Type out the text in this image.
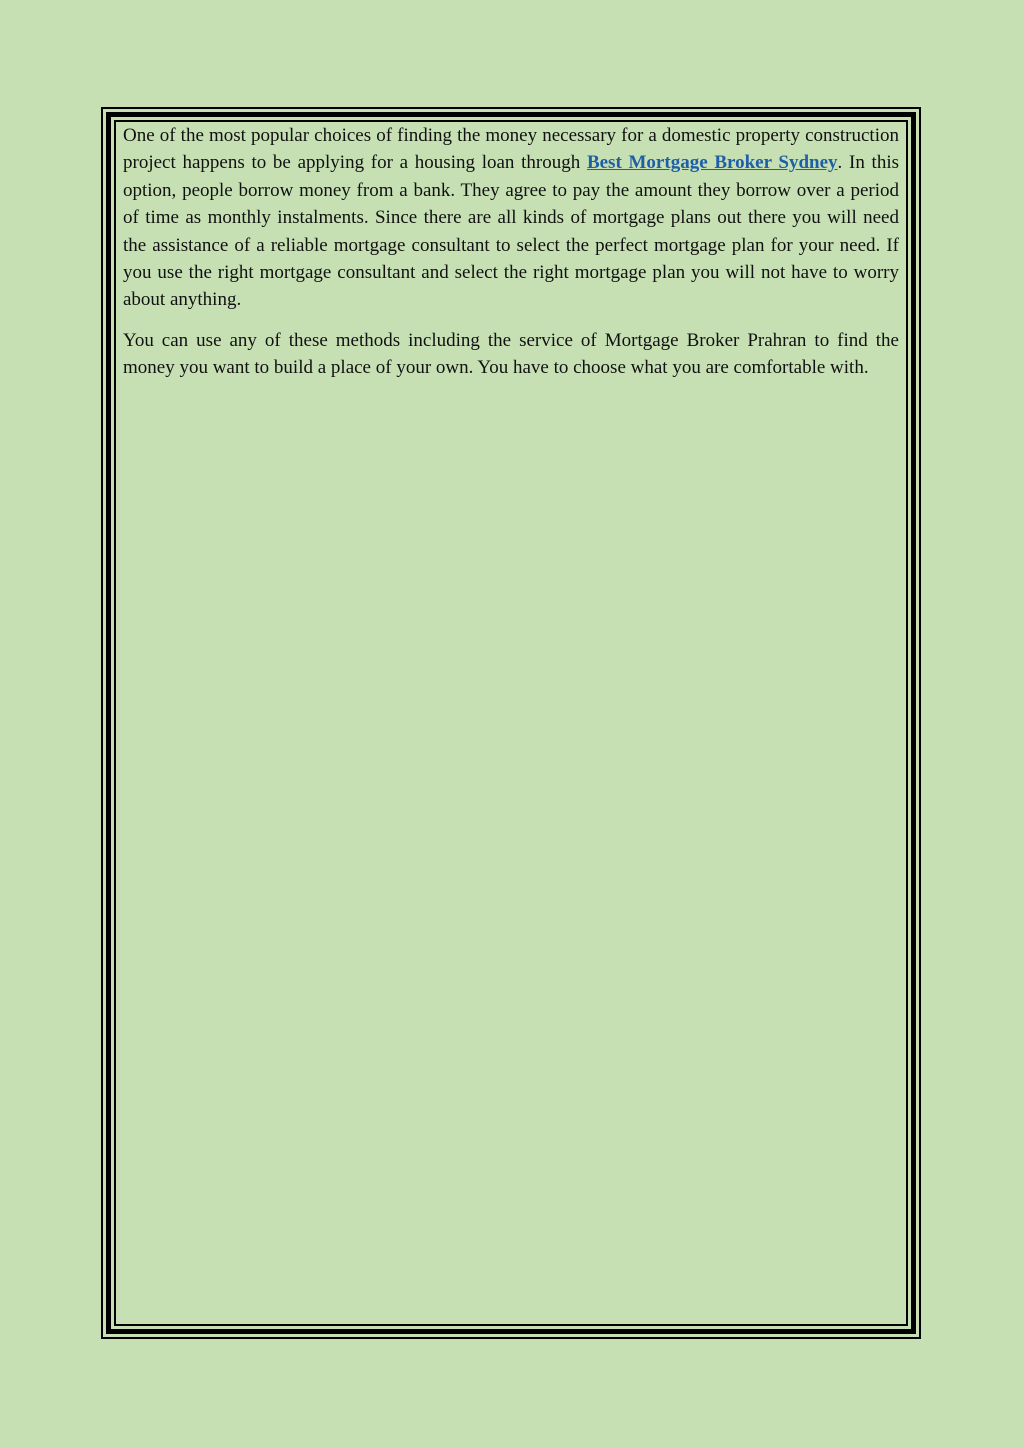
One of the most popular choices of finding the money necessary for a domestic property construction project happens to be applying for a housing loan through Best Mortgage Broker Sydney. In this option, people borrow money from a bank. They agree to pay the amount they borrow over a period of time as monthly instalments. Since there are all kinds of mortgage plans out there you will need the assistance of a reliable mortgage consultant to select the perfect mortgage plan for your need. If you use the right mortgage consultant and select the right mortgage plan you will not have to worry about anything.

You can use any of these methods including the service of Mortgage Broker Prahran to find the money you want to build a place of your own. You have to choose what you are comfortable with.
